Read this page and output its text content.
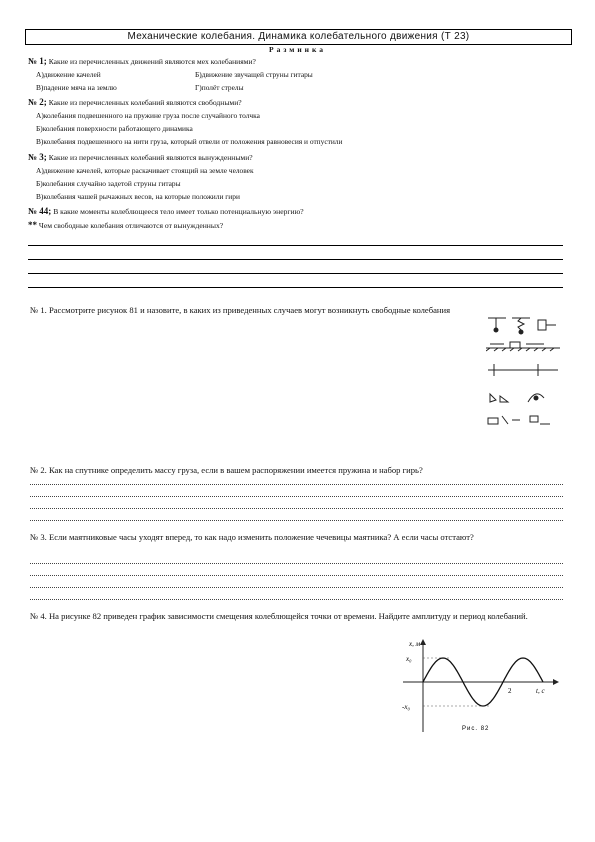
Механические колебания. Динамика колебательного движения (Т 23)
Разминка
№ 1; Какие из перечисленных движений являются мех колебаниями?
А)движение качелей	Б)движение звучащей струны гитары
В)падение мяча на землю	Г)полёт стрелы
№ 2; Какие из перечисленных колебаний являются свободными?
А)колебания подвешенного на пружине груза после случайного толчка
Б)колебания поверхности работающего динамика
В)колебания подвешенного на нити груза, который отвели от положения равновесия и отпустили
№ 3; Какие из перечисленных колебаний являются вынужденными?
А)движение качелей, которые раскачивает стоящий на земле человек
Б)колебания случайно задетой струны гитары
В)колебания чашей рычажных весов, на которые положили гири
№ 44; В какие моменты колеблющееся тело имеет только потенциальную энергию?
** Чем свободные колебания отличаются от вынужденных?
№ 1. Рассмотрите рисунок 81 и назовите, в каких из приведенных случаев могут возникнуть свободные колебания
№ 2. Как на спутнике определить массу груза, если в вашем распоряжении имеется пружина и набор гирь?
№ 3. Если маятниковые часы уходят вперед, то как надо изменить положение чечевицы маятника? А если часы отстают?
№ 4. На рисунке 82 приведен график зависимости смещения колеблющейся точки от времени. Найдите амплитуду и период колебаний.
x, м
x₀
-x₀
2	t, с
Рис. 82
